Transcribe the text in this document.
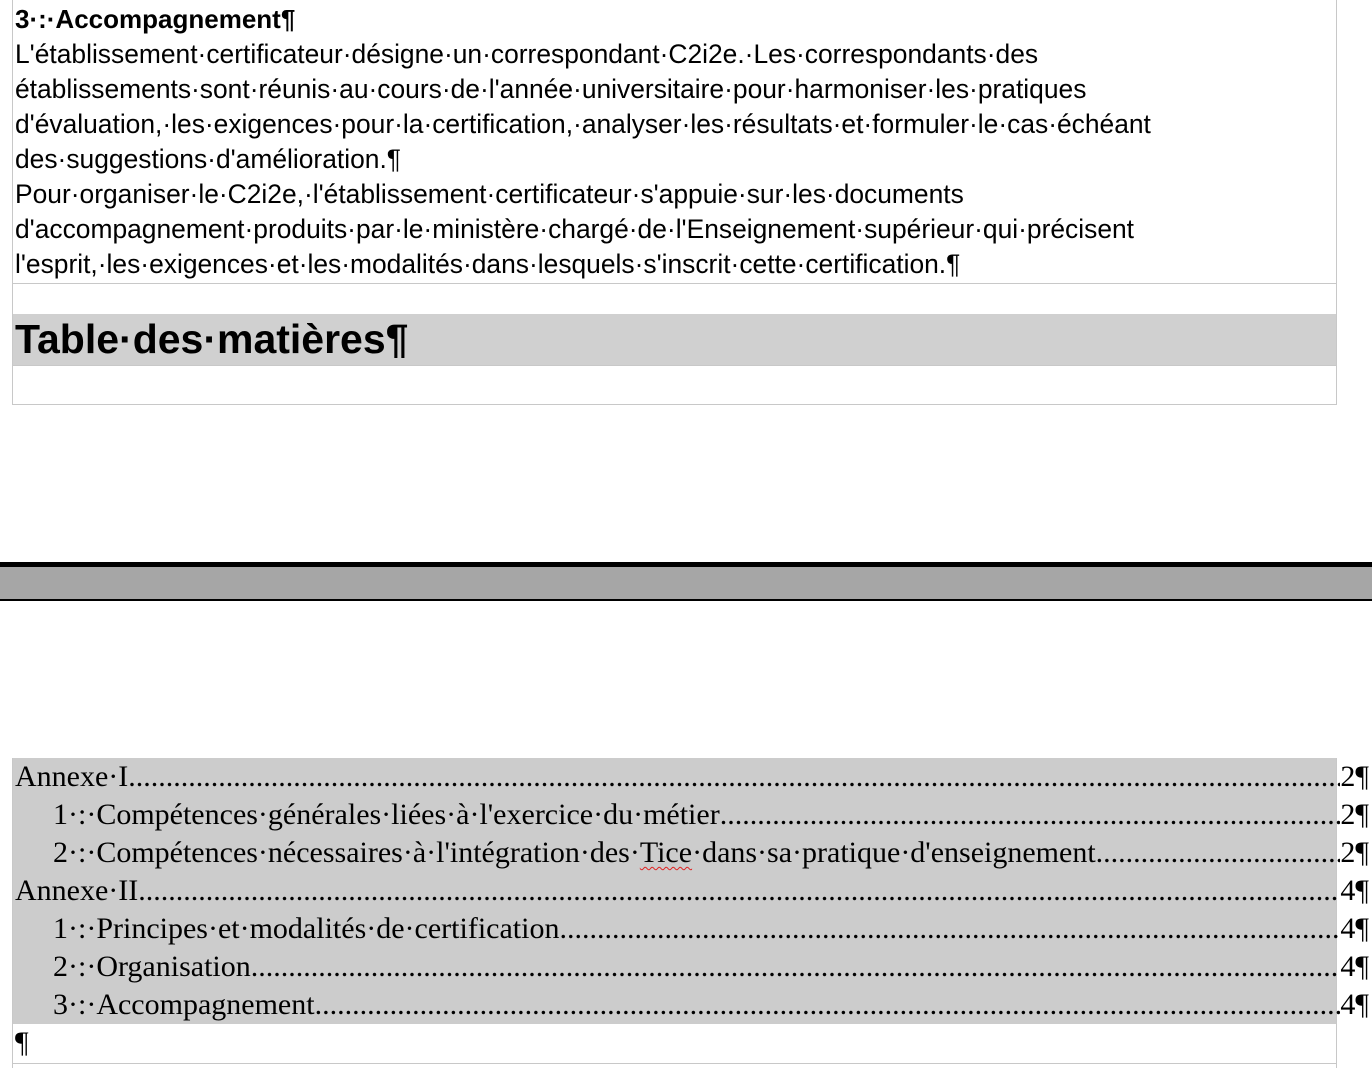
3·:·Accompagnement¶
L'établissement·certificateur·désigne·un·correspondant·C2i2e.·Les·correspondants·des
établissements·sont·réunis·au·cours·de·l'année·universitaire·pour·harmoniser·les·pratiques
d'évaluation,·les·exigences·pour·la·certification,·analyser·les·résultats·et·formuler·le·cas·échéant
des·suggestions·d'amélioration.¶
Pour·organiser·le·C2i2e,·l'établissement·certificateur·s'appuie·sur·les·documents
d'accompagnement·produits·par·le·ministère·chargé·de·l'Enseignement·supérieur·qui·précisent
l'esprit,·les·exigences·et·les·modalités·dans·lesquels·s'inscrit·cette·certification.¶
Table·des·matières¶
Annexe·I .....	2¶
1·:·Compétences·générales·liées·à·l'exercice·du·métier .....	2¶
2·:·Compétences·nécessaires·à·l'intégration·des·Tice·dans·sa·pratique·d'enseignement .....	2¶
Annexe·II .....	4¶
1·:·Principes·et·modalités·de·certification .....	4¶
2·:·Organisation .....	4¶
3·:·Accompagnement .....	4¶
¶
